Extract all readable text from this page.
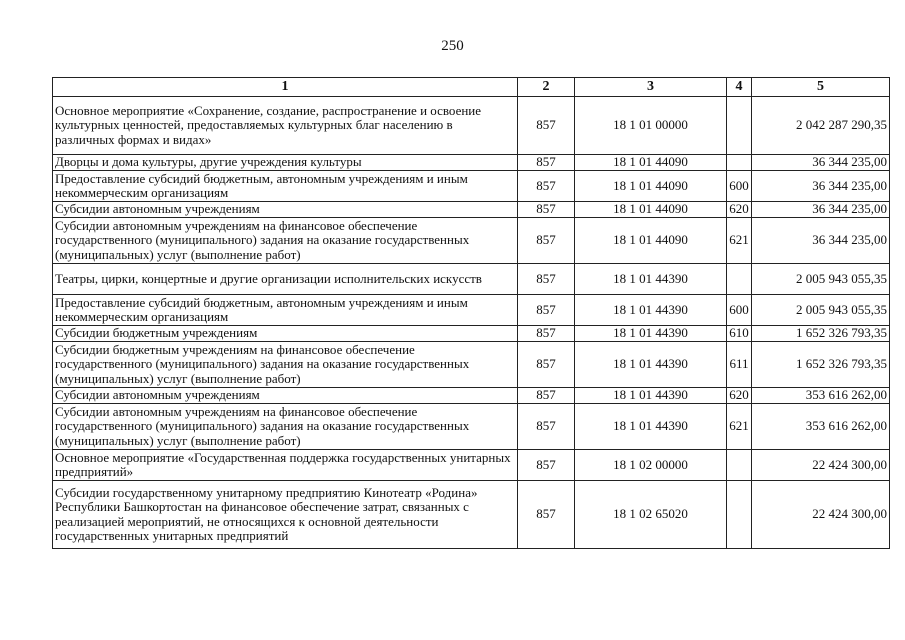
250
1	2	3	4	5
Основное мероприятие «Сохранение, создание, распространение и освоение культурных ценностей, предоставляемых культурных благ населению в различных формах и видах»	857	18 1 01 00000		2 042 287 290,35
Дворцы и дома культуры, другие учреждения культуры	857	18 1 01 44090		36 344 235,00
Предоставление субсидий бюджетным, автономным учреждениям и иным некоммерческим организациям	857	18 1 01 44090	600	36 344 235,00
Субсидии автономным учреждениям	857	18 1 01 44090	620	36 344 235,00
Субсидии автономным учреждениям на финансовое обеспечение государственного (муниципального) задания на оказание государственных (муниципальных) услуг (выполнение работ)	857	18 1 01 44090	621	36 344 235,00
Театры, цирки, концертные и другие организации исполнительских искусств	857	18 1 01 44390		2 005 943 055,35
Предоставление субсидий бюджетным, автономным учреждениям и иным некоммерческим организациям	857	18 1 01 44390	600	2 005 943 055,35
Субсидии бюджетным учреждениям	857	18 1 01 44390	610	1 652 326 793,35
Субсидии бюджетным учреждениям на финансовое обеспечение государственного (муниципального) задания на оказание государственных (муниципальных) услуг (выполнение работ)	857	18 1 01 44390	611	1 652 326 793,35
Субсидии автономным учреждениям	857	18 1 01 44390	620	353 616 262,00
Субсидии автономным учреждениям на финансовое обеспечение государственного (муниципального) задания на оказание государственных (муниципальных) услуг (выполнение работ)	857	18 1 01 44390	621	353 616 262,00
Основное мероприятие «Государственная поддержка государственных унитарных предприятий»	857	18 1 02 00000		22 424 300,00
Субсидии государственному унитарному предприятию Кинотеатр «Родина» Республики Башкортостан на финансовое обеспечение затрат, связанных с реализацией мероприятий, не относящихся к основной деятельности государственных унитарных предприятий	857	18 1 02 65020		22 424 300,00
